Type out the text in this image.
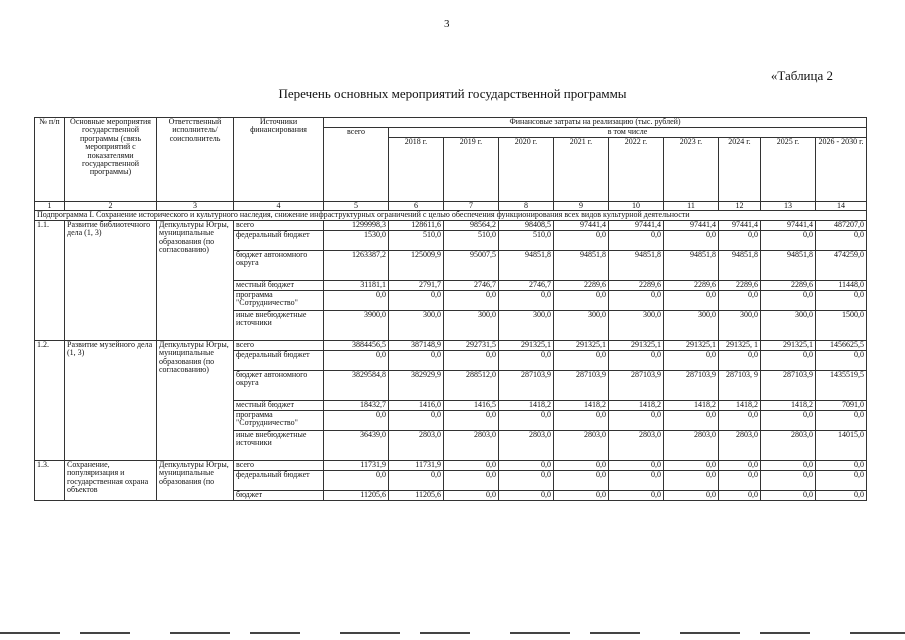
3
«Таблица 2
Перечень основных мероприятий государственной программы
№ п/п	Основные мероприятия государственной программы (связь мероприятий с показателями государственной программы)	Ответственный исполнитель/ соисполнитель	Источники финансирования	Финансовые затраты на реализацию (тыс. рублей)									
				всего	в том числе								
					2018 г.	2019 г.	2020 г.	2021 г.	2022 г.	2023 г.	2024 г.	2025 г.	2026 - 2030 г.
1	2	3	4	5	6	7	8	9	10	11	12	13	14
Подпрограмма I. Сохранение исторического и культурного наследия, снижение инфраструктурных ограничений с целью обеспечения функционирования всех видов культурной деятельности													
1.1.	Развитие библиотечного дела (1, 3)	Депкультуры Югры, муниципальные образования (по согласованию)	всего	1299998,3	128611,6	98564,2	98408,5	97441,4	97441,4	97441,4	97441,4	97441,4	487207,0
			федеральный бюджет	1530,0	510,0	510,0	510,0	0,0	0,0	0,0	0,0	0,0	0,0
			бюджет автономного округа	1263387,2	125009,9	95007,5	94851,8	94851,8	94851,8	94851,8	94851,8	94851,8	474259,0
			местный бюджет	31181,1	2791,7	2746,7	2746,7	2289,6	2289,6	2289,6	2289,6	2289,6	11448,0
			программа "Сотрудничество"	0,0	0,0	0,0	0,0	0,0	0,0	0,0	0,0	0,0	0,0
			иные внебюджетные источники	3900,0	300,0	300,0	300,0	300,0	300,0	300,0	300,0	300,0	1500,0
1.2.	Развитие музейного дела (1, 3)	Депкультуры Югры, муниципальные образования (по согласованию)	всего	3884456,5	387148,9	292731,5	291325,1	291325,1	291325,1	291325,1	291325, 1	291325,1	1456625,5
			федеральный бюджет	0,0	0,0	0,0	0,0	0,0	0,0	0,0	0,0	0,0	0,0
			бюджет автономного округа	3829584,8	382929,9	288512,0	287103,9	287103,9	287103,9	287103,9	287103, 9	287103,9	1435519,5
			местный бюджет	18432,7	1416,0	1416,5	1418,2	1418,2	1418,2	1418,2	1418,2	1418,2	7091,0
			программа "Сотрудничество"	0,0	0,0	0,0	0,0	0,0	0,0	0,0	0,0	0,0	0,0
			иные внебюджетные источники	36439,0	2803,0	2803,0	2803,0	2803,0	2803,0	2803,0	2803,0	2803,0	14015,0
1.3.	Сохранение, популяризация и государственная охрана объектов	Депкультуры Югры, муниципальные образования (по	всего	11731,9	11731,9	0,0	0,0	0,0	0,0	0,0	0,0	0,0	0,0
			федеральный бюджет	0,0	0,0	0,0	0,0	0,0	0,0	0,0	0,0	0,0	0,0
			бюджет	11205,6	11205,6	0,0	0,0	0,0	0,0	0,0	0,0	0,0	0,0
